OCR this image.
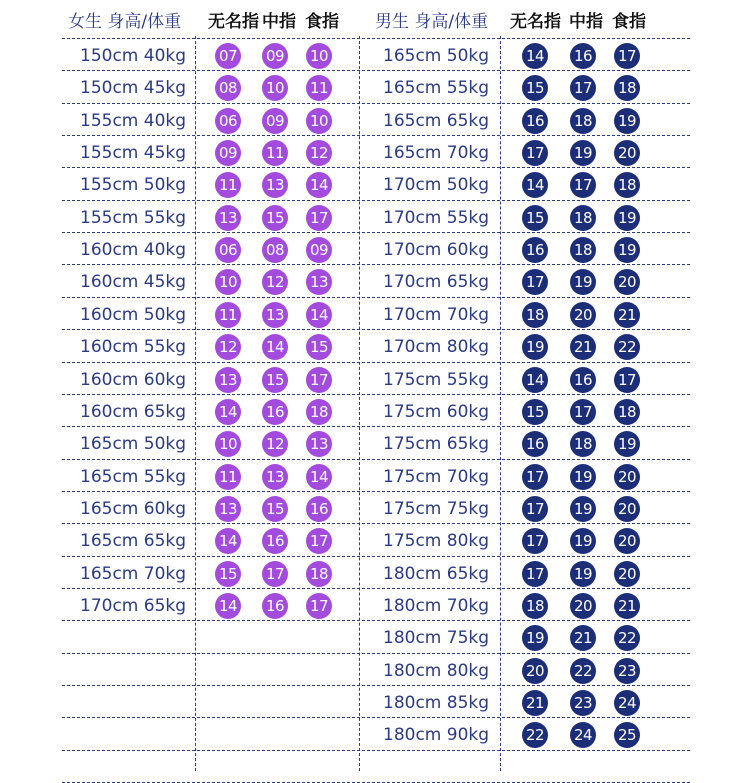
女生 身高/体重 无名指 中指 食指 男生 身高/体重 无名指 中指 食指
150cm 40kg 07 09 10
150cm 45kg 08 10 11
155cm 40kg 06 09 10
155cm 45kg 09 11 12
155cm 50kg 11 13 14
155cm 55kg 13 15 17
160cm 40kg 06 08 09
160cm 45kg 10 12 13
160cm 50kg 11 13 14
160cm 55kg 12 14 15
160cm 60kg 13 15 17
160cm 65kg 14 16 18
165cm 50kg 10 12 13
165cm 55kg 11 13 14
165cm 60kg 13 15 16
165cm 65kg 14 16 17
165cm 70kg 15 17 18
170cm 65kg 14 16 17
165cm 50kg 14 16 17
165cm 55kg 15 17 18
165cm 65kg 16 18 19
165cm 70kg 17 19 20
170cm 50kg 14 17 18
170cm 55kg 15 18 19
170cm 60kg 16 18 19
170cm 65kg 17 19 20
170cm 70kg 18 20 21
170cm 80kg 19 21 22
175cm 55kg 14 16 17
175cm 60kg 15 17 18
175cm 65kg 16 18 19
175cm 70kg 17 19 20
175cm 75kg 17 19 20
175cm 80kg 17 19 20
180cm 65kg 17 19 20
180cm 70kg 18 20 21
180cm 75kg 19 21 22
180cm 80kg 20 22 23
180cm 85kg 21 23 24
180cm 90kg 22 24 25
